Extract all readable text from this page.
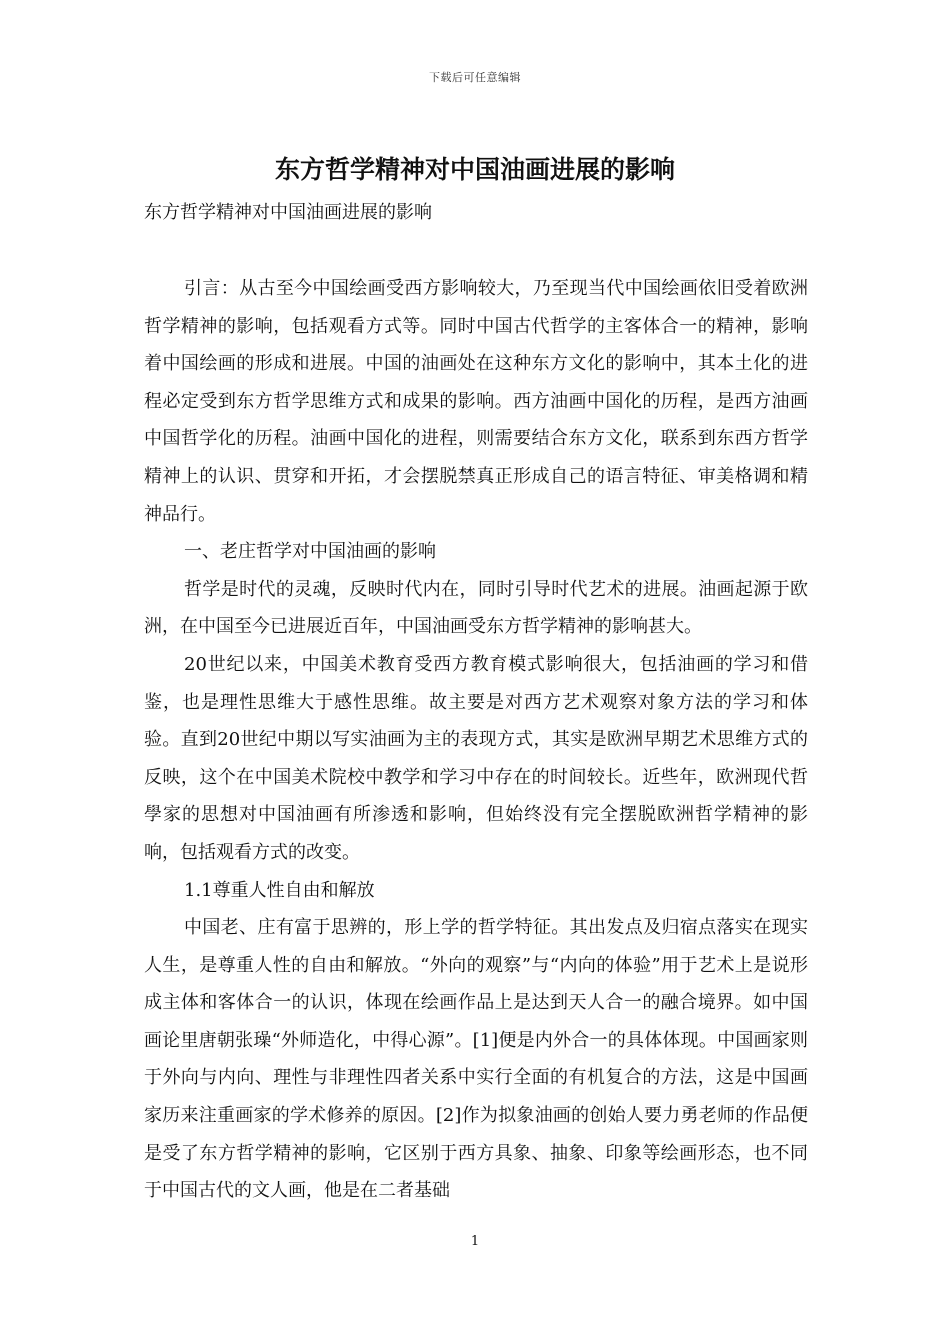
下载后可任意编辑
东方哲学精神对中国油画进展的影响

东方哲学精神对中国油画进展的影响

引言：从古至今中国绘画受西方影响较大，乃至现当代中国绘画依旧受着欧洲哲学精神的影响，包括观看方式等。同时中国古代哲学的主客体合一的精神，影响着中国绘画的形成和进展。中国的油画处在这种东方文化的影响中，其本土化的进程必定受到东方哲学思维方式和成果的影响。西方油画中国化的历程，是西方油画中国哲学化的历程。油画中国化的进程，则需要结合东方文化，联系到东西方哲学精神上的认识、贯穿和开拓，才会摆脱禁真正形成自己的语言特征、审美格调和精神品行。

一、老庄哲学对中国油画的影响

哲学是时代的灵魂，反映时代内在，同时引导时代艺术的进展。油画起源于欧洲，在中国至今已进展近百年，中国油画受东方哲学精神的影响甚大。

20世纪以来，中国美术教育受西方教育模式影响很大，包括油画的学习和借鉴，也是理性思维大于感性思维。故主要是对西方艺术观察对象方法的学习和体验。直到20世纪中期以写实油画为主的表现方式，其实是欧洲早期艺术思维方式的反映，这个在中国美术院校中教学和学习中存在的时间较长。近些年，欧洲现代哲學家的思想对中国油画有所渗透和影响，但始终没有完全摆脱欧洲哲学精神的影响，包括观看方式的改变。

1.1尊重人性自由和解放

中国老、庄有富于思辨的，形上学的哲学特征。其出发点及归宿点落实在现实人生，是尊重人性的自由和解放。“外向的观察”与“内向的体验”用于艺术上是说形成主体和客体合一的认识，体现在绘画作品上是达到天人合一的融合境界。如中国画论里唐朝张璪“外师造化，中得心源”。[1]便是内外合一的具体体现。中国画家则于外向与内向、理性与非理性四者关系中实行全面的有机复合的方法，这是中国画家历来注重画家的学术修养的原因。[2]作为拟象油画的创始人要力勇老师的作品便是受了东方哲学精神的影响，它区别于西方具象、抽象、印象等绘画形态，也不同于中国古代的文人画，他是在二者基础

1
